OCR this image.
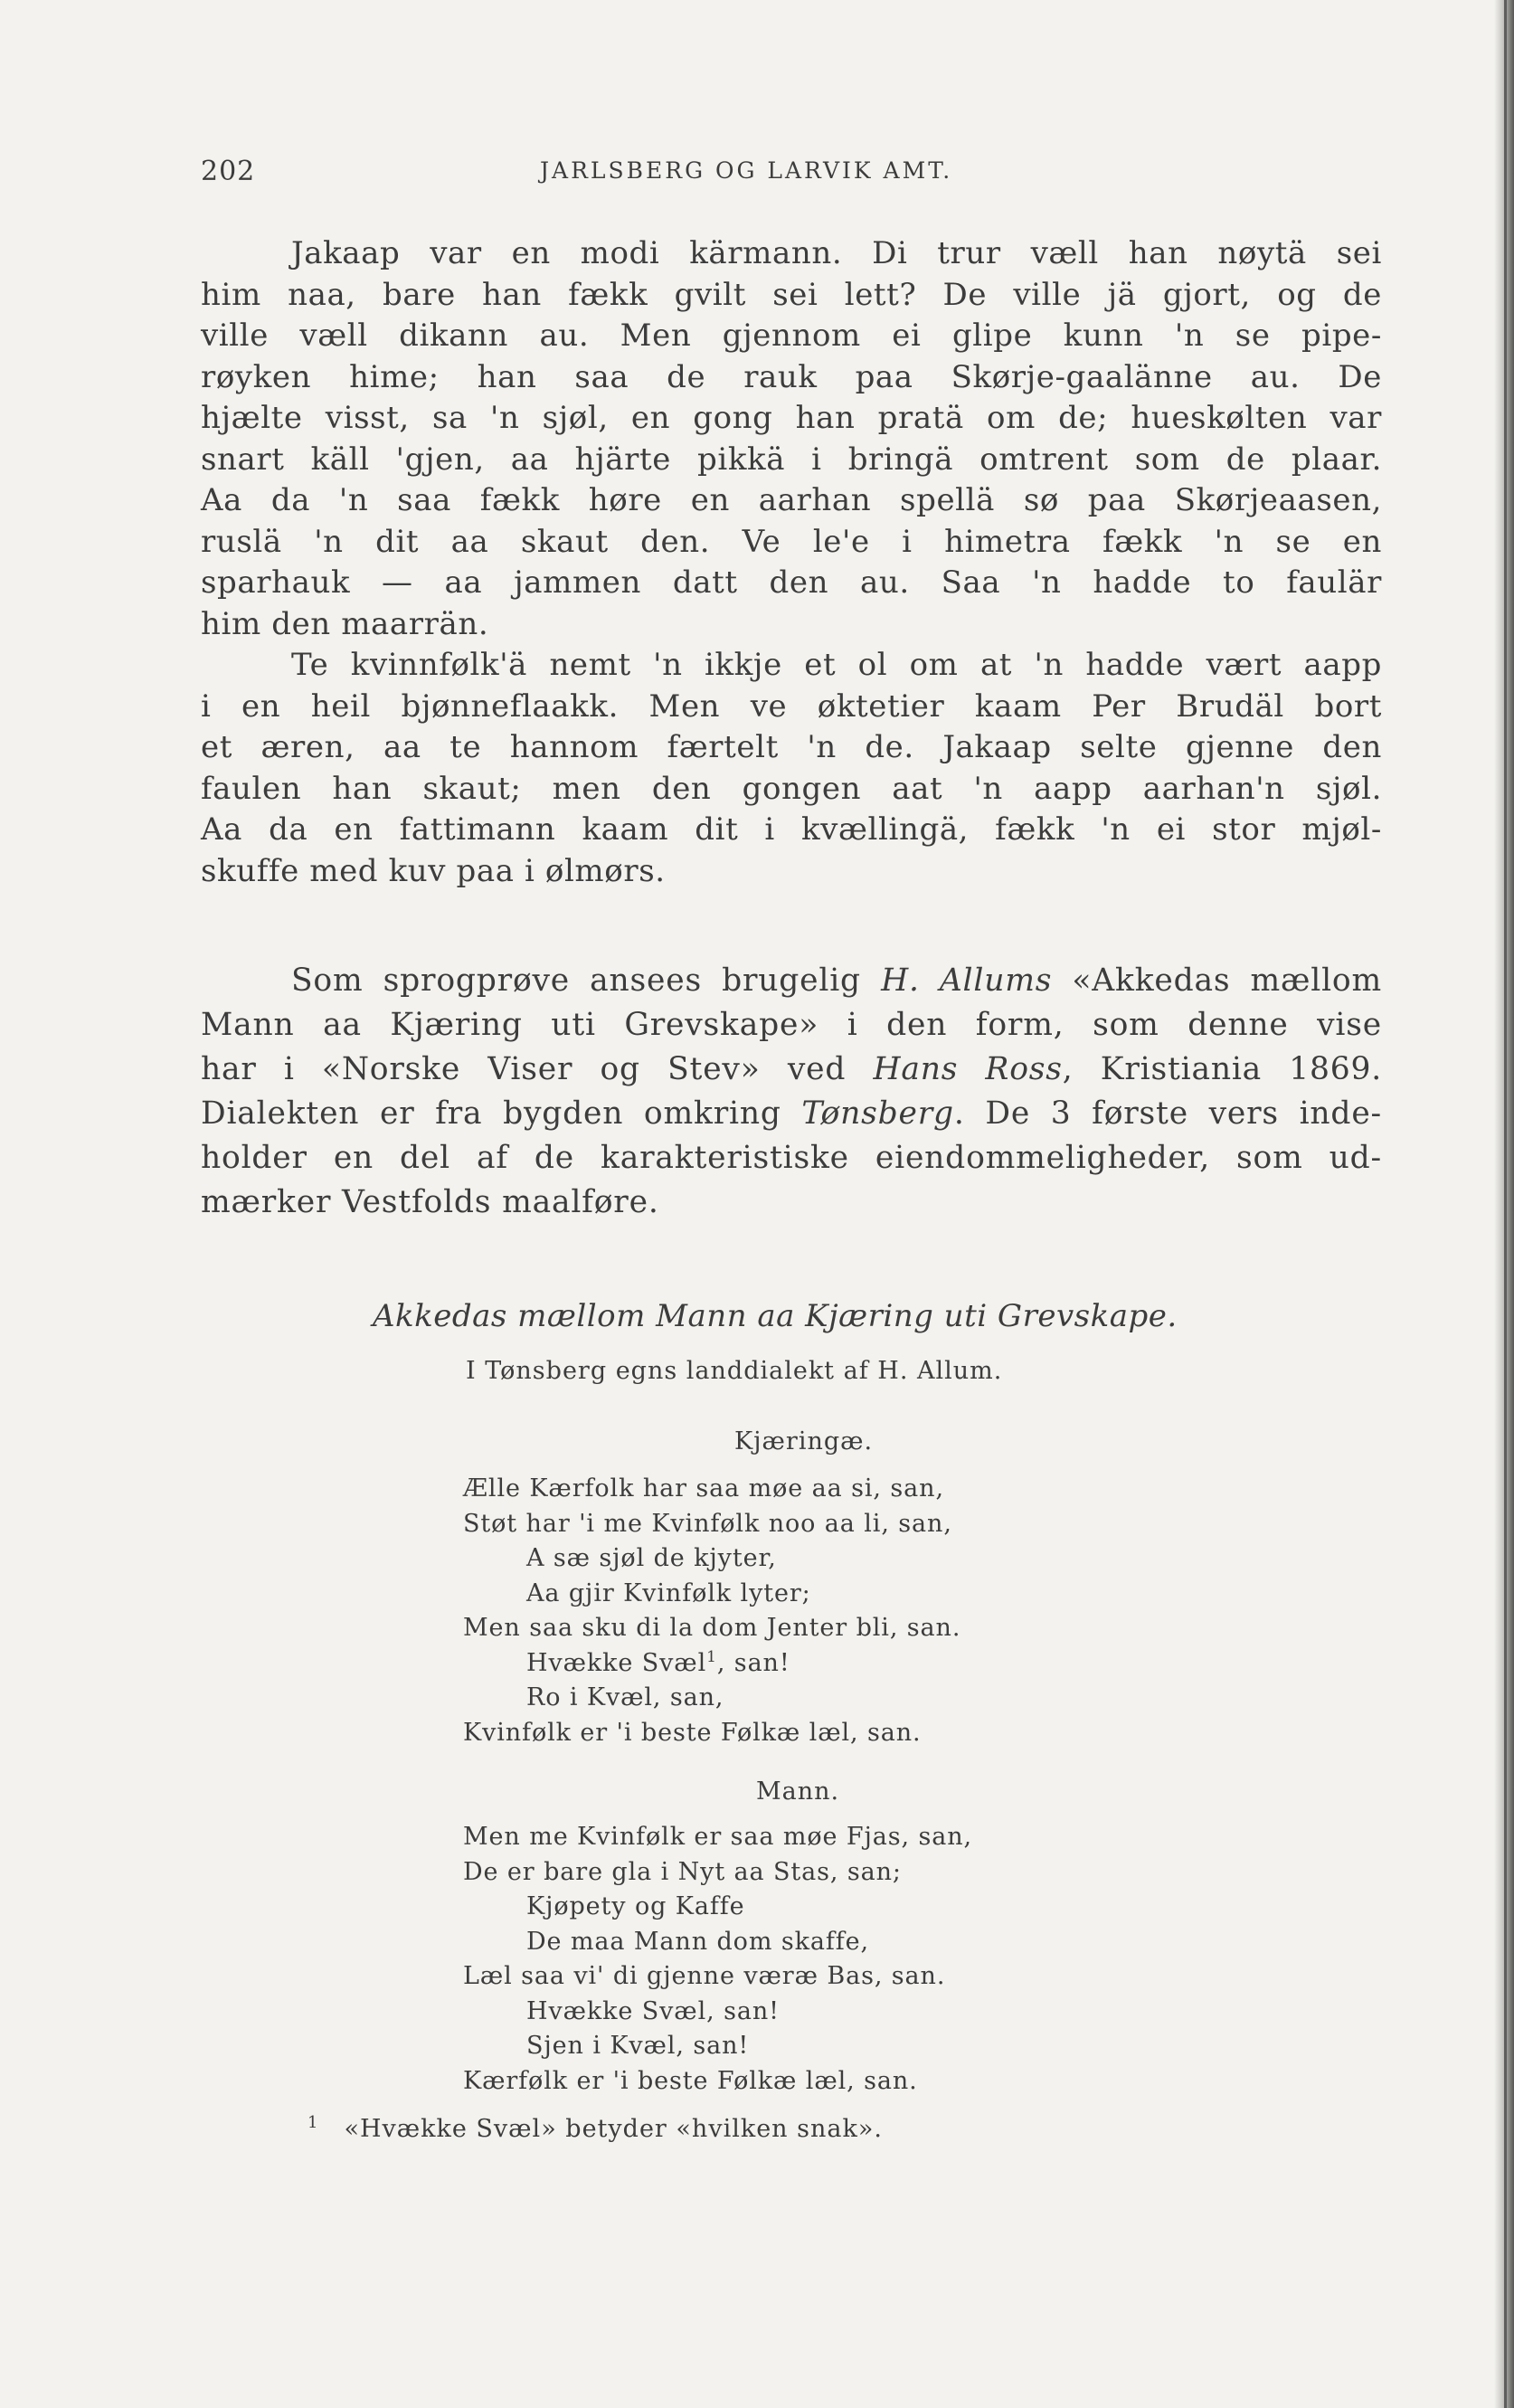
202	JARLSBERG OG LARVIK AMT.
Jakaap var en modi kärmann. Di trur væll han nøytä sei
him naa, bare han fækk gvilt sei lett? De ville jä gjort, og de
ville væll dikann au. Men gjennom ei glipe kunn 'n se pipe-
røyken hime; han saa de rauk paa Skørje-gaalänne au. De
hjælte visst, sa 'n sjøl, en gong han pratä om de; hueskølten var
snart käll 'gjen, aa hjärte pikkä i bringä omtrent som de plaar.
Aa da 'n saa fækk høre en aarhan spellä sø paa Skørjeaasen,
ruslä 'n dit aa skaut den. Ve le'e i himetra fækk 'n se en
sparhauk — aa jammen datt den au. Saa 'n hadde to faulär
him den maarrän.
Te kvinnfølk'ä nemt 'n ikkje et ol om at 'n hadde vært aapp
i en heil bjønneflaakk. Men ve øktetier kaam Per Brudäl bort
et æren, aa te hannom færtelt 'n de. Jakaap selte gjenne den
faulen han skaut; men den gongen aat 'n aapp aarhan'n sjøl.
Aa da en fattimann kaam dit i kvællingä, fækk 'n ei stor mjøl-
skuffe med kuv paa i ølmørs.
Som sprogprøve ansees brugelig H. Allums «Akkedas mællom
Mann aa Kjæring uti Grevskape» i den form, som denne vise
har i «Norske Viser og Stev» ved Hans Ross, Kristiania 1869.
Dialekten er fra bygden omkring Tønsberg. De 3 første vers inde-
holder en del af de karakteristiske eiendommeligheder, som ud-
mærker Vestfolds maalføre.
Akkedas mællom Mann aa Kjæring uti Grevskape.
I Tønsberg egns landdialekt af H. Allum.
Kjæringæ.
Ælle Kærfolk har saa møe aa si, san,
Støt har 'i me Kvinfølk noo aa li, san,
A sæ sjøl de kjyter,
Aa gjir Kvinfølk lyter;
Men saa sku di la dom Jenter bli, san.
Hvække Svæl$^1$, san!
Ro i Kvæl, san,
Kvinfølk er 'i beste Følkæ læl, san.
Mann.
Men me Kvinfølk er saa møe Fjas, san,
De er bare gla i Nyt aa Stas, san;
Kjøpety og Kaffe
De maa Mann dom skaffe,
Læl saa vi' di gjenne væræ Bas, san.
Hvække Svæl, san!
Sjen i Kvæl, san!
Kærfølk er 'i beste Følkæ læl, san.
$^1$ «Hvække Svæl» betyder «hvilken snak».
